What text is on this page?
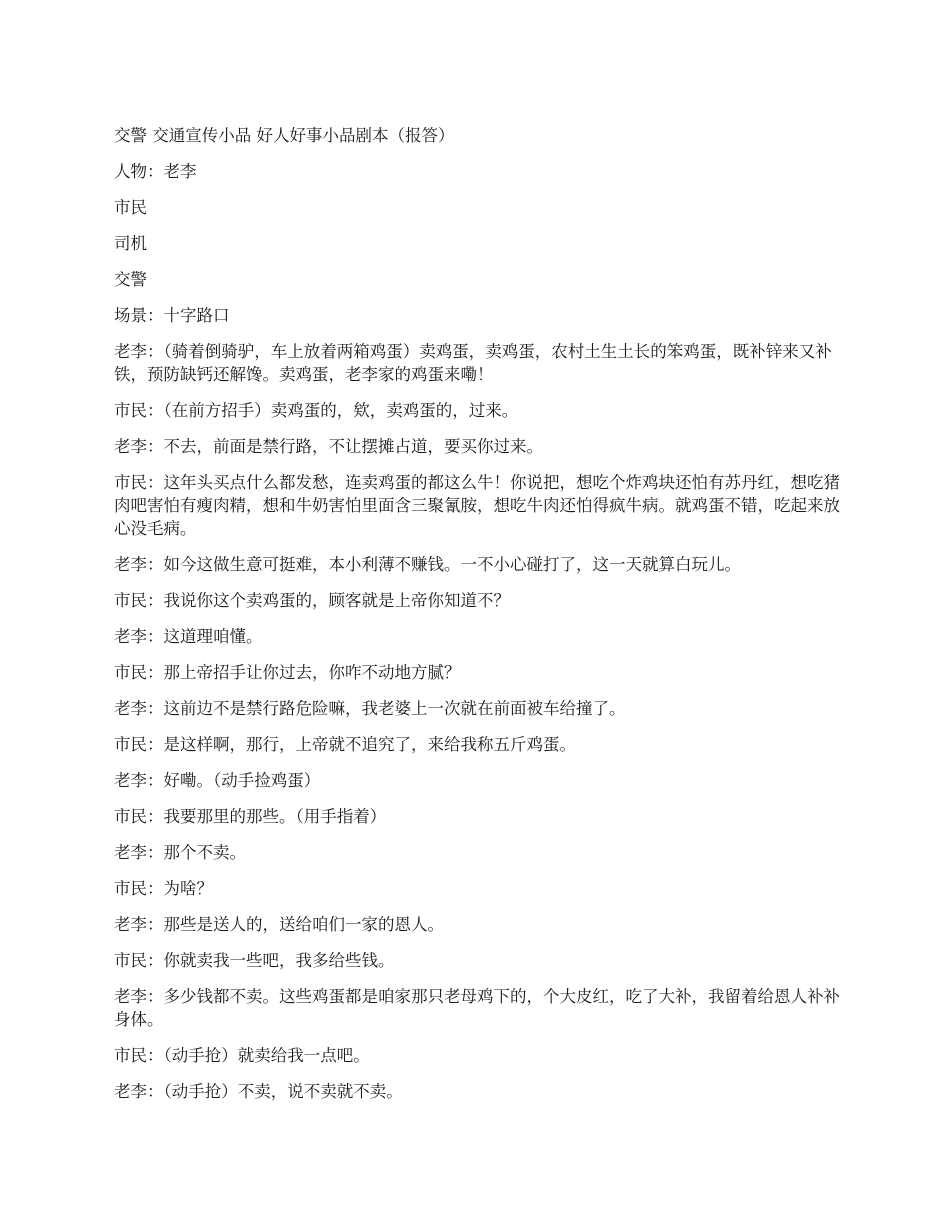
交警 交通宣传小品 好人好事小品剧本（报答）

人物：老李

市民

司机

交警

场景：十字路口

老李：（骑着倒骑驴，车上放着两箱鸡蛋）卖鸡蛋，卖鸡蛋，农村土生土长的笨鸡蛋，既补锌来又补铁，预防缺钙还解馋。卖鸡蛋，老李家的鸡蛋来嘞！

市民：（在前方招手）卖鸡蛋的，欸，卖鸡蛋的，过来。

老李：不去，前面是禁行路，不让摆摊占道，要买你过来。

市民：这年头买点什么都发愁，连卖鸡蛋的都这么牛！你说把，想吃个炸鸡块还怕有苏丹红，想吃猪肉吧害怕有瘦肉精，想和牛奶害怕里面含三聚氰胺，想吃牛肉还怕得疯牛病。就鸡蛋不错，吃起来放心没毛病。

老李：如今这做生意可挺难，本小利薄不赚钱。一不小心碰打了，这一天就算白玩儿。

市民：我说你这个卖鸡蛋的，顾客就是上帝你知道不？

老李：这道理咱懂。

市民：那上帝招手让你过去，你咋不动地方腻？

老李：这前边不是禁行路危险嘛，我老婆上一次就在前面被车给撞了。

市民：是这样啊，那行，上帝就不追究了，来给我称五斤鸡蛋。

老李：好嘞。（动手捡鸡蛋）

市民：我要那里的那些。（用手指着）

老李：那个不卖。

市民：为啥？

老李：那些是送人的，送给咱们一家的恩人。

市民：你就卖我一些吧，我多给些钱。

老李：多少钱都不卖。这些鸡蛋都是咱家那只老母鸡下的，个大皮红，吃了大补，我留着给恩人补补身体。

市民：（动手抢）就卖给我一点吧。

老李：（动手抢）不卖，说不卖就不卖。
